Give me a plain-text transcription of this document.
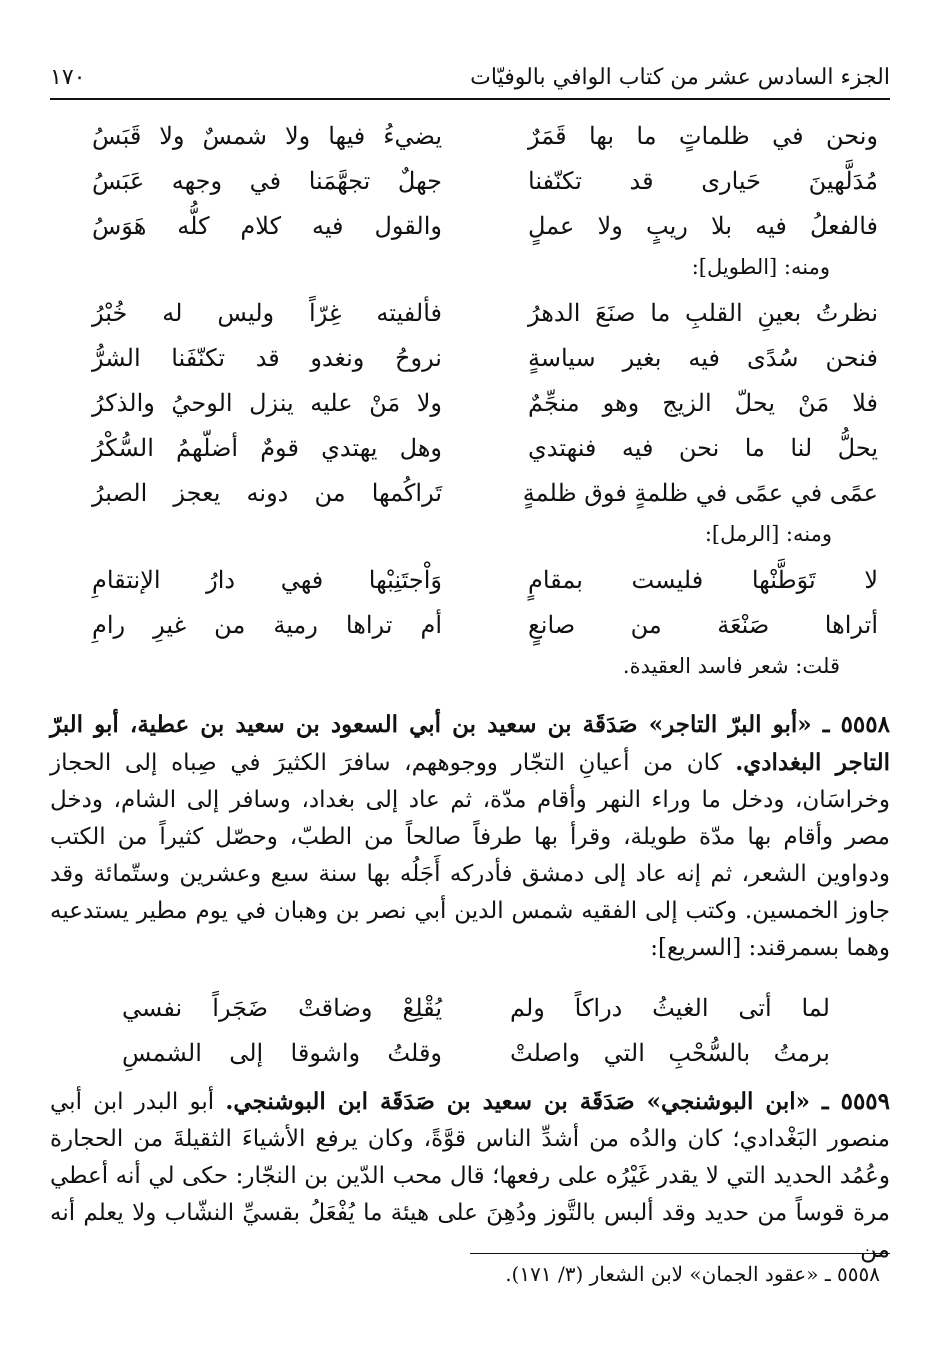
الجزء السادس عشر من كتاب الوافي بالوفيّات
١٧٠
ونحن في ظلماتٍ ما بها قَمَرٌ
يضيءُ فيها ولا شمسٌ ولا قَبَسُ
مُدَلَّهينَ حَيارى قد تكنّفنا
جهلٌ تجهَّمَنا في وجهه عَبَسُ
فالفعلُ فيه بلا ريبٍ ولا عملٍ
والقول فيه كلام كلُّه هَوَسُ
ومنه: [الطويل]:
نظرتُ بعينِ القلبِ ما صنَعَ الدهرُ
فألفيته غِرّاً وليس له خُبْرُ
فنحن سُدًى فيه بغير سياسةٍ
نروحُ ونغدو قد تكنّفَنا الشرُّ
فلا مَنْ يحلّ الزيج وهو منجِّمٌ
ولا مَنْ عليه ينزل الوحيُ والذكرُ
يحلُّ لنا ما نحن فيه فنهتدي
وهل يهتدي قومٌ أضلّهمُ السُّكْرُ
عمًى في عمًى في ظلمةٍ فوق ظلمةٍ
تَراكُمها من دونه يعجز الصبرُ
ومنه: [الرمل]:
لا تَوَطَّنْها فليست بمقامٍ
وَاْجتَنِبْها فهي دارُ الإنتقامِ
أتراها صَنْعَة من صانعٍ
أم تراها رمية من غيرِ رامِ
قلت: شعر فاسد العقيدة.

٥٥٥٨ ـ «أبو البرّ التاجر» صَدَقَة بن سعيد بن أبي السعود بن سعيد بن عطية، أبو البرّ التاجر البغدادي. كان من أعيانِ التجّار ووجوههم، سافرَ الكثيرَ في صِباه إلى الحجاز وخراسَان، ودخل ما وراء النهر وأقام مدّة، ثم عاد إلى بغداد، وسافر إلى الشام، ودخل مصر وأقام بها مدّة طويلة، وقرأ بها طرفاً صالحاً من الطبّ، وحصّل كثيراً من الكتب ودواوين الشعر، ثم إنه عاد إلى دمشق فأدركه أَجَلُه بها سنة سبع وعشرين وستّمائة وقد جاوز الخمسين. وكتب إلى الفقيه شمس الدين أبي نصر بن وهبان في يوم مطير يستدعيه وهما بسمرقند: [السريع]:

لما أتى الغيثُ دراكاً ولم
يُقْلِعْ وضاقتْ ضَجَراً نفسي
برمتُ بالسُّحْبِ التي واصلتْ
وقلتُ واشوقا إلى الشمسِ

٥٥٥٩ ـ «ابن البوشنجي» صَدَقَة بن سعيد بن صَدَقَة ابن البوشنجي. أبو البدر ابن أبي منصور البَغْدادي؛ كان والدُه من أشدِّ الناس قوَّةً، وكان يرفع الأشياءَ الثقيلةَ من الحجارة وعُمُد الحديد التي لا يقدر غَيْرُه على رفعها؛ قال محب الدّين بن النجّار: حكى لي أنه أعطي مرة قوساً من حديد وقد ألبس بالتَّوز ودُهِنَ على هيئة ما يُفْعَلُ بقسيِّ النشّاب ولا يعلم أنه من

٥٥٥٨ ـ «عقود الجمان» لابن الشعار (٣/ ١٧١).
